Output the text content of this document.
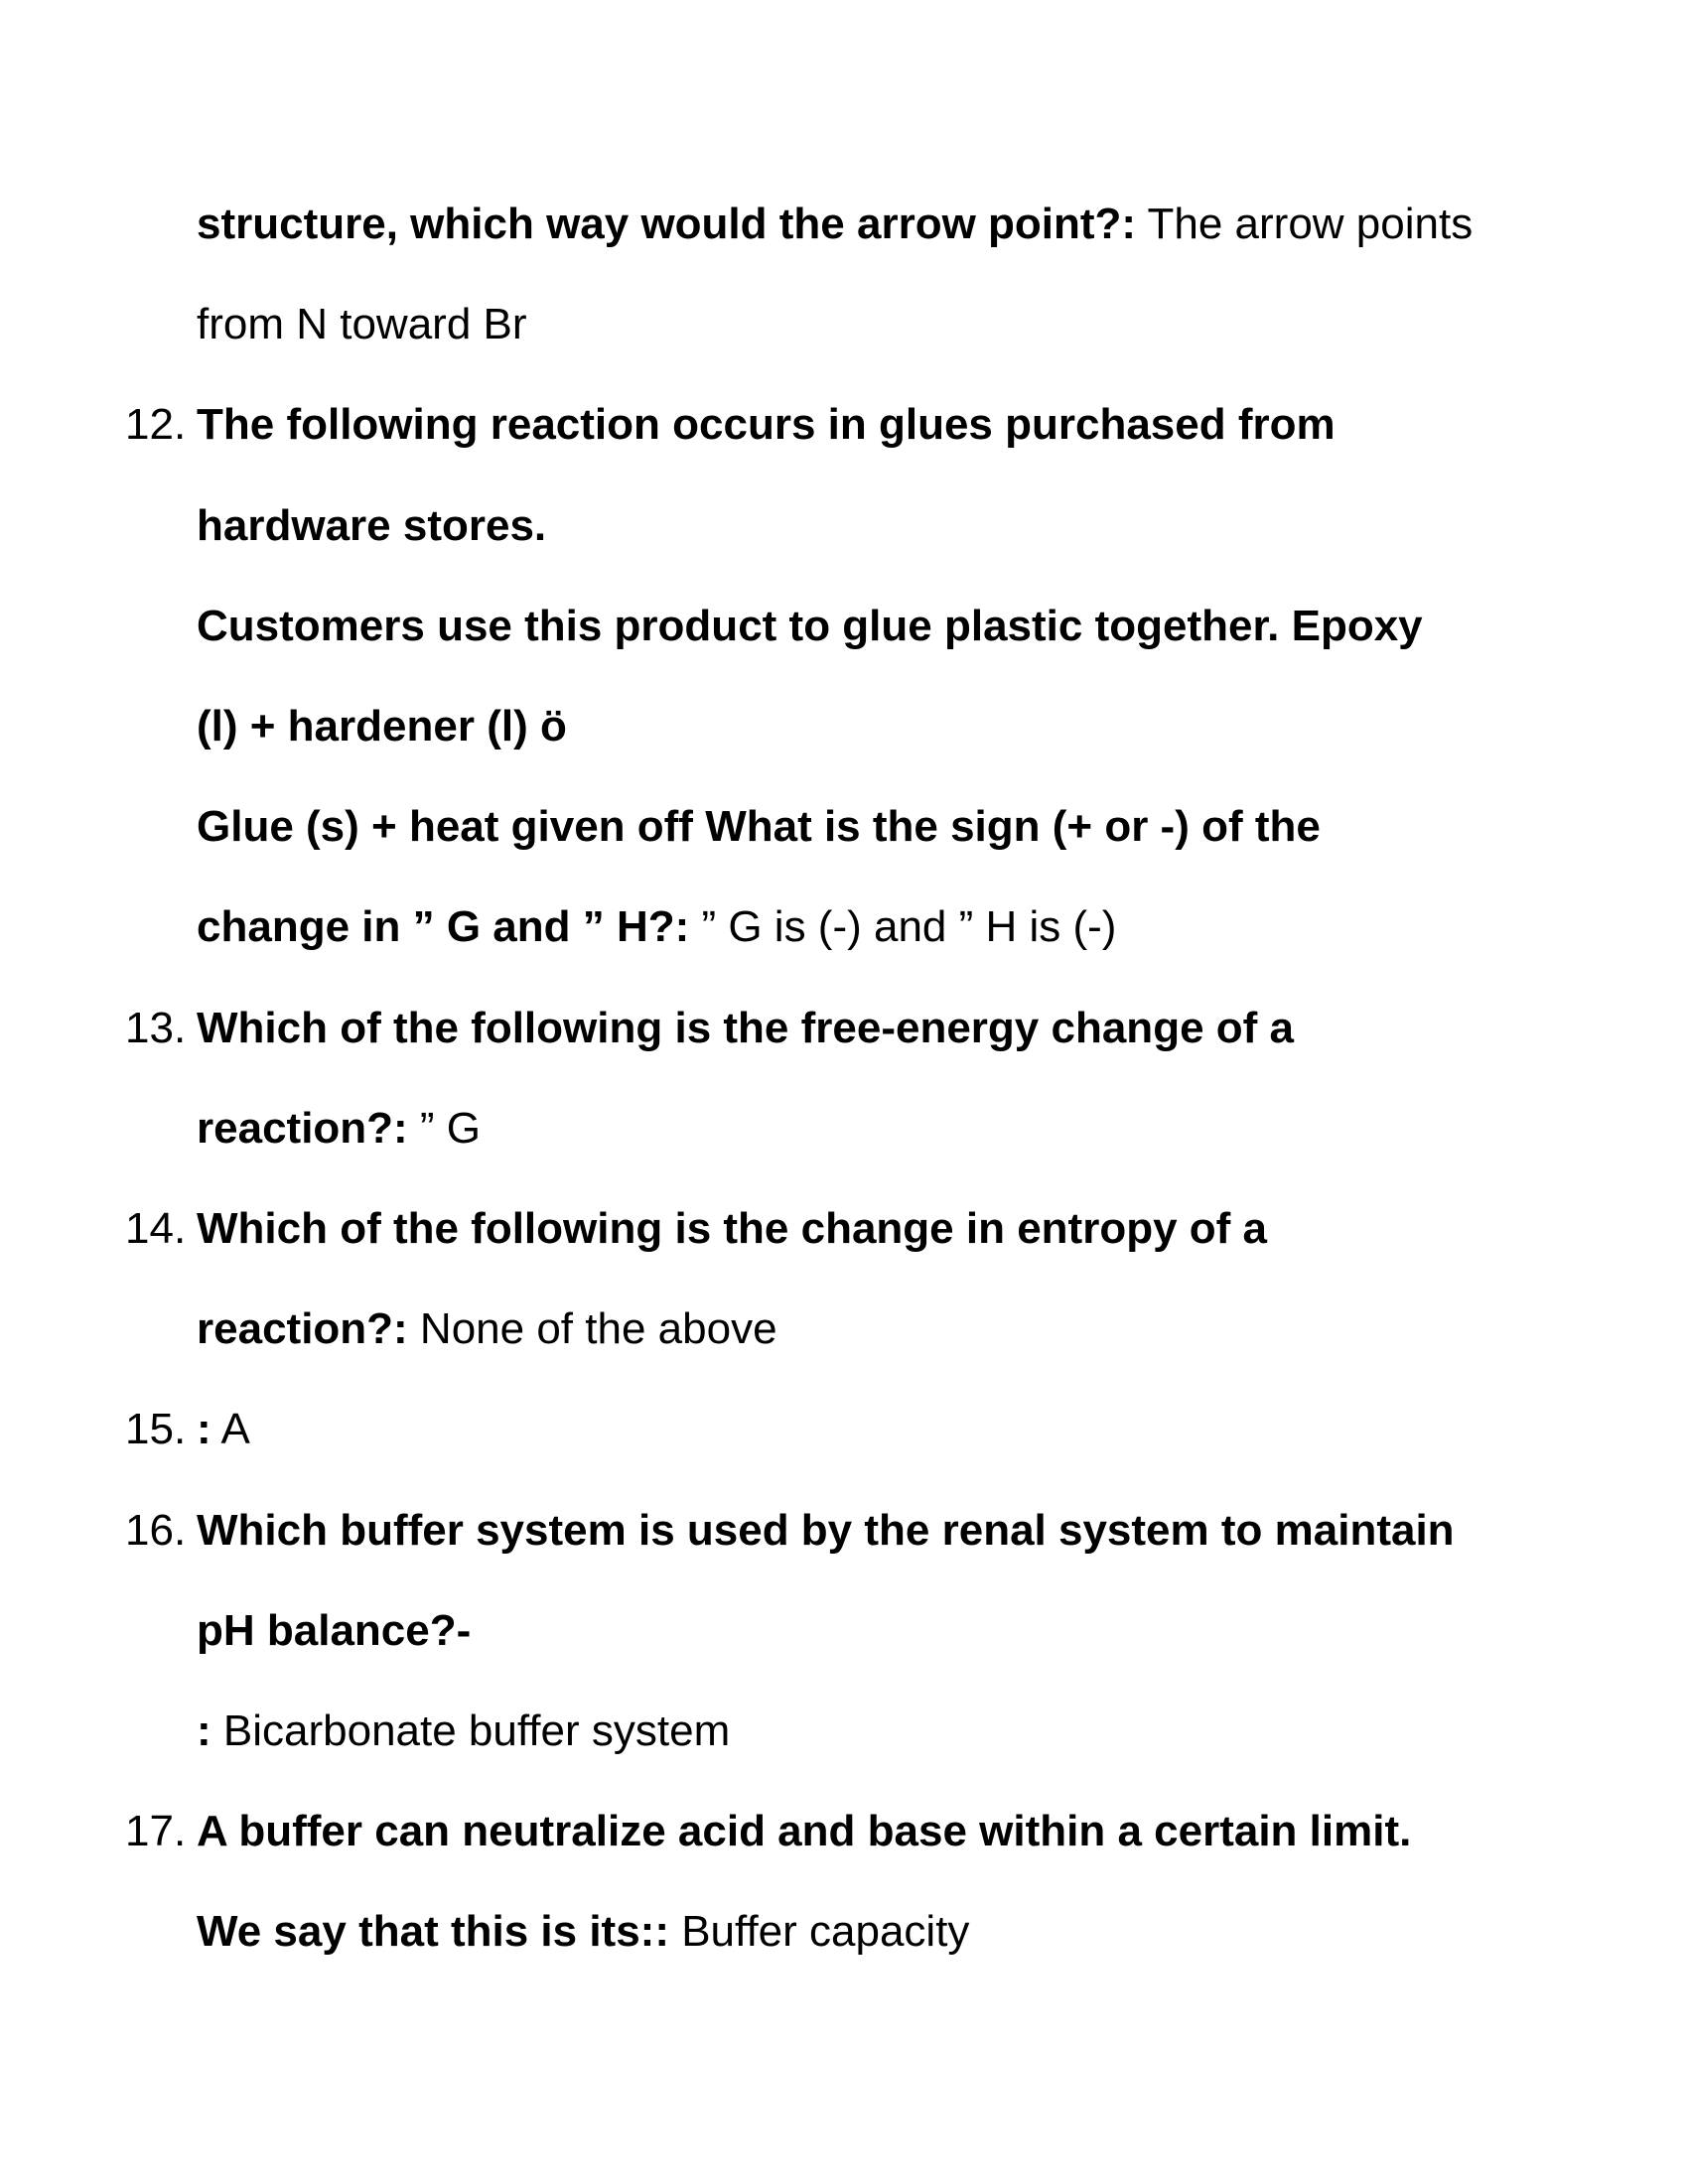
structure, which way would the arrow point?: The arrow points
from N toward Br
12. The following reaction occurs in glues purchased from
hardware stores.
Customers use this product to glue plastic together. Epoxy
(l) + hardener (l) ö
Glue (s) + heat given off What is the sign (+ or -) of the
change in ” G and ” H?: ” G is (-) and ” H is (-)
13. Which of the following is the free-energy change of a
reaction?: ” G
14. Which of the following is the change in entropy of a
reaction?: None of the above
15. : A
16. Which buffer system is used by the renal system to maintain
pH balance?-
: Bicarbonate buffer system
17. A buffer can neutralize acid and base within a certain limit.
We say that this is its:: Buffer capacity
